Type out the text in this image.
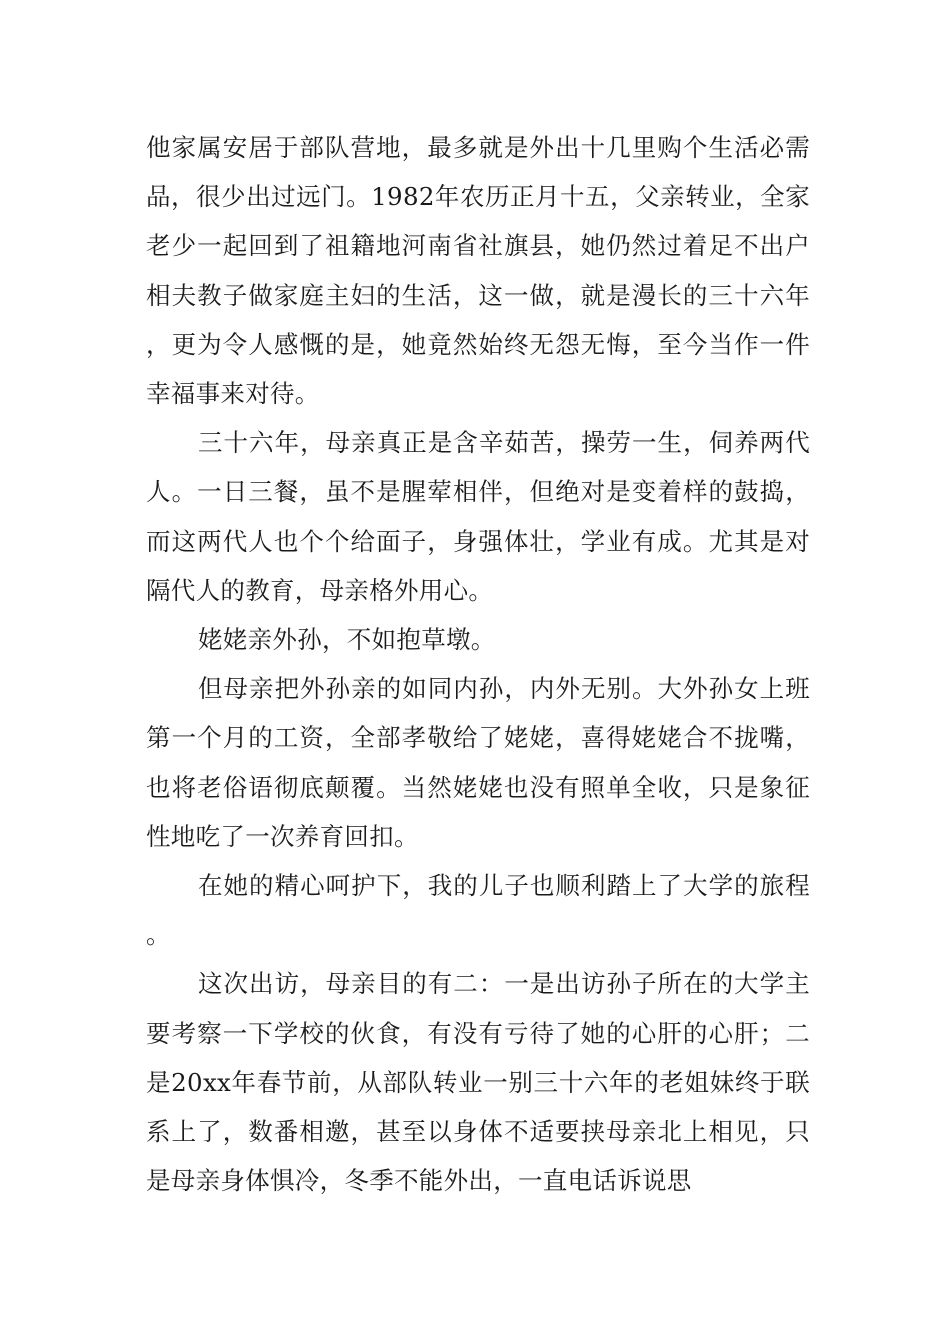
他家属安居于部队营地，最多就是外出十几里购个生活必需品，很少出过远门。1982年农历正月十五，父亲转业，全家老少一起回到了祖籍地河南省社旗县，她仍然过着足不出户相夫教子做家庭主妇的生活，这一做，就是漫长的三十六年，更为令人感慨的是，她竟然始终无怨无悔，至今当作一件幸福事来对待。

三十六年，母亲真正是含辛茹苦，操劳一生，伺养两代人。一日三餐，虽不是腥荤相伴，但绝对是变着样的鼓捣，而这两代人也个个给面子，身强体壮，学业有成。尤其是对隔代人的教育，母亲格外用心。

姥姥亲外孙，不如抱草墩。

但母亲把外孙亲的如同内孙，内外无别。大外孙女上班第一个月的工资，全部孝敬给了姥姥，喜得姥姥合不拢嘴，也将老俗语彻底颠覆。当然姥姥也没有照单全收，只是象征性地吃了一次养育回扣。

在她的精心呵护下，我的儿子也顺利踏上了大学的旅程。

这次出访，母亲目的有二：一是出访孙子所在的大学主要考察一下学校的伙食，有没有亏待了她的心肝的心肝；二是20xx年春节前，从部队转业一别三十六年的老姐妹终于联系上了，数番相邀，甚至以身体不适要挟母亲北上相见，只是母亲身体惧冷，冬季不能外出，一直电话诉说思
